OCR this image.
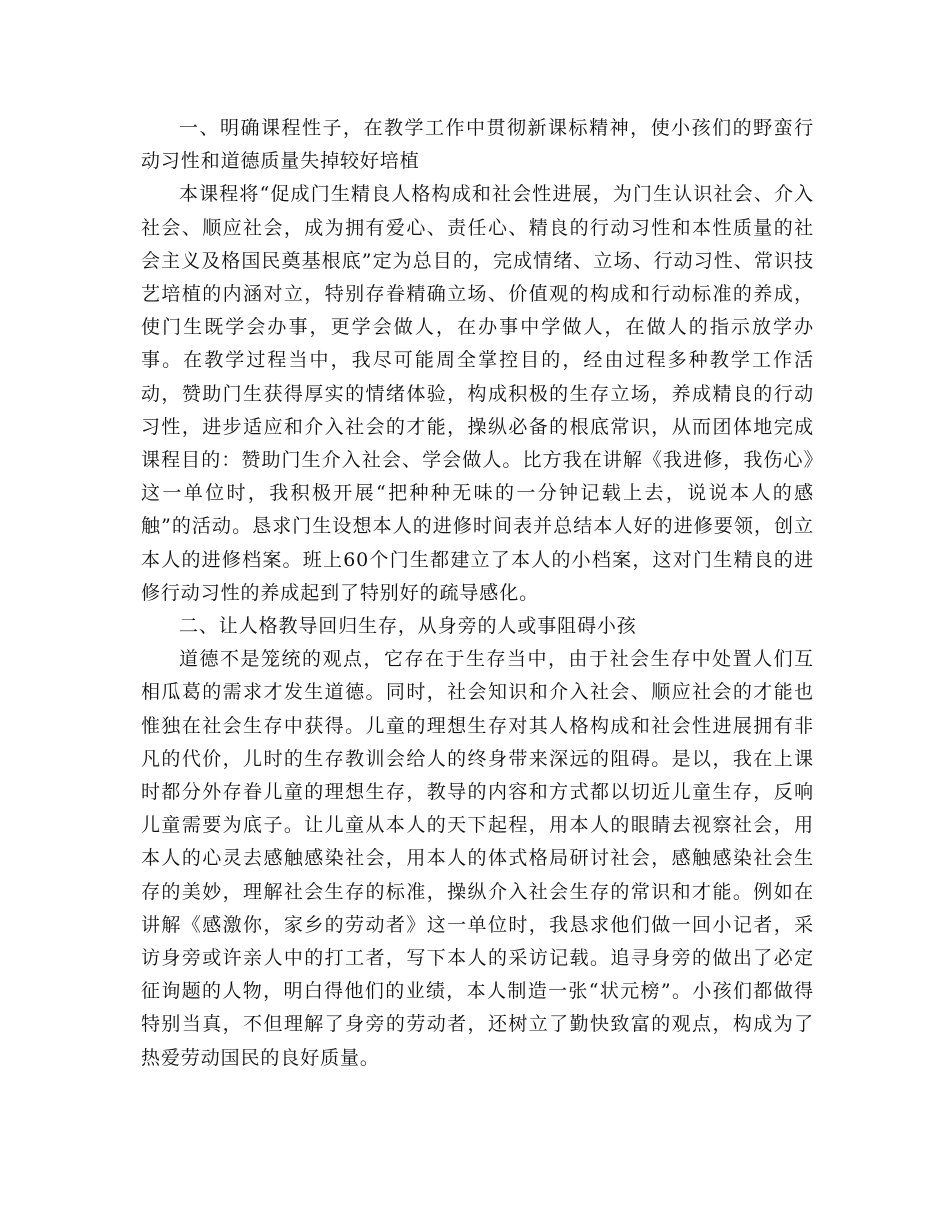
一、明确课程性子，在教学工作中贯彻新课标精神，使小孩们的野蛮行动习性和道德质量失掉较好培植

本课程将“促成门生精良人格构成和社会性进展，为门生认识社会、介入社会、顺应社会，成为拥有爱心、责任心、精良的行动习性和本性质量的社会主义及格国民奠基根底”定为总目的，完成情绪、立场、行动习性、常识技艺培植的内涵对立，特别存眷精确立场、价值观的构成和行动标准的养成，使门生既学会办事，更学会做人，在办事中学做人，在做人的指示放学办事。在教学过程当中，我尽可能周全掌控目的，经由过程多种教学工作活动，赞助门生获得厚实的情绪体验，构成积极的生存立场，养成精良的行动习性，进步适应和介入社会的才能，操纵必备的根底常识，从而团体地完成课程目的：赞助门生介入社会、学会做人。比方我在讲解《我进修，我伤心》这一单位时，我积极开展“把种种无味的一分钟记载上去，说说本人的感触”的活动。恳求门生设想本人的进修时间表并总结本人好的进修要领，创立本人的进修档案。班上60个门生都建立了本人的小档案，这对门生精良的进修行动习性的养成起到了特别好的疏导感化。

二、让人格教导回归生存，从身旁的人或事阻碍小孩

道德不是笼统的观点，它存在于生存当中，由于社会生存中处置人们互相瓜葛的需求才发生道德。同时，社会知识和介入社会、顺应社会的才能也惟独在社会生存中获得。儿童的理想生存对其人格构成和社会性进展拥有非凡的代价，儿时的生存教训会给人的终身带来深远的阻碍。是以，我在上课时都分外存眷儿童的理想生存，教导的内容和方式都以切近儿童生存，反响儿童需要为底子。让儿童从本人的天下起程，用本人的眼睛去视察社会，用本人的心灵去感触感染社会，用本人的体式格局研讨社会，感触感染社会生存的美妙，理解社会生存的标准，操纵介入社会生存的常识和才能。例如在讲解《感激你，家乡的劳动者》这一单位时，我恳求他们做一回小记者，采访身旁或许亲人中的打工者，写下本人的采访记载。追寻身旁的做出了必定征询题的人物，明白得他们的业绩，本人制造一张“状元榜”。小孩们都做得特别当真，不但理解了身旁的劳动者，还树立了勤快致富的观点，构成为了热爱劳动国民的良好质量。
